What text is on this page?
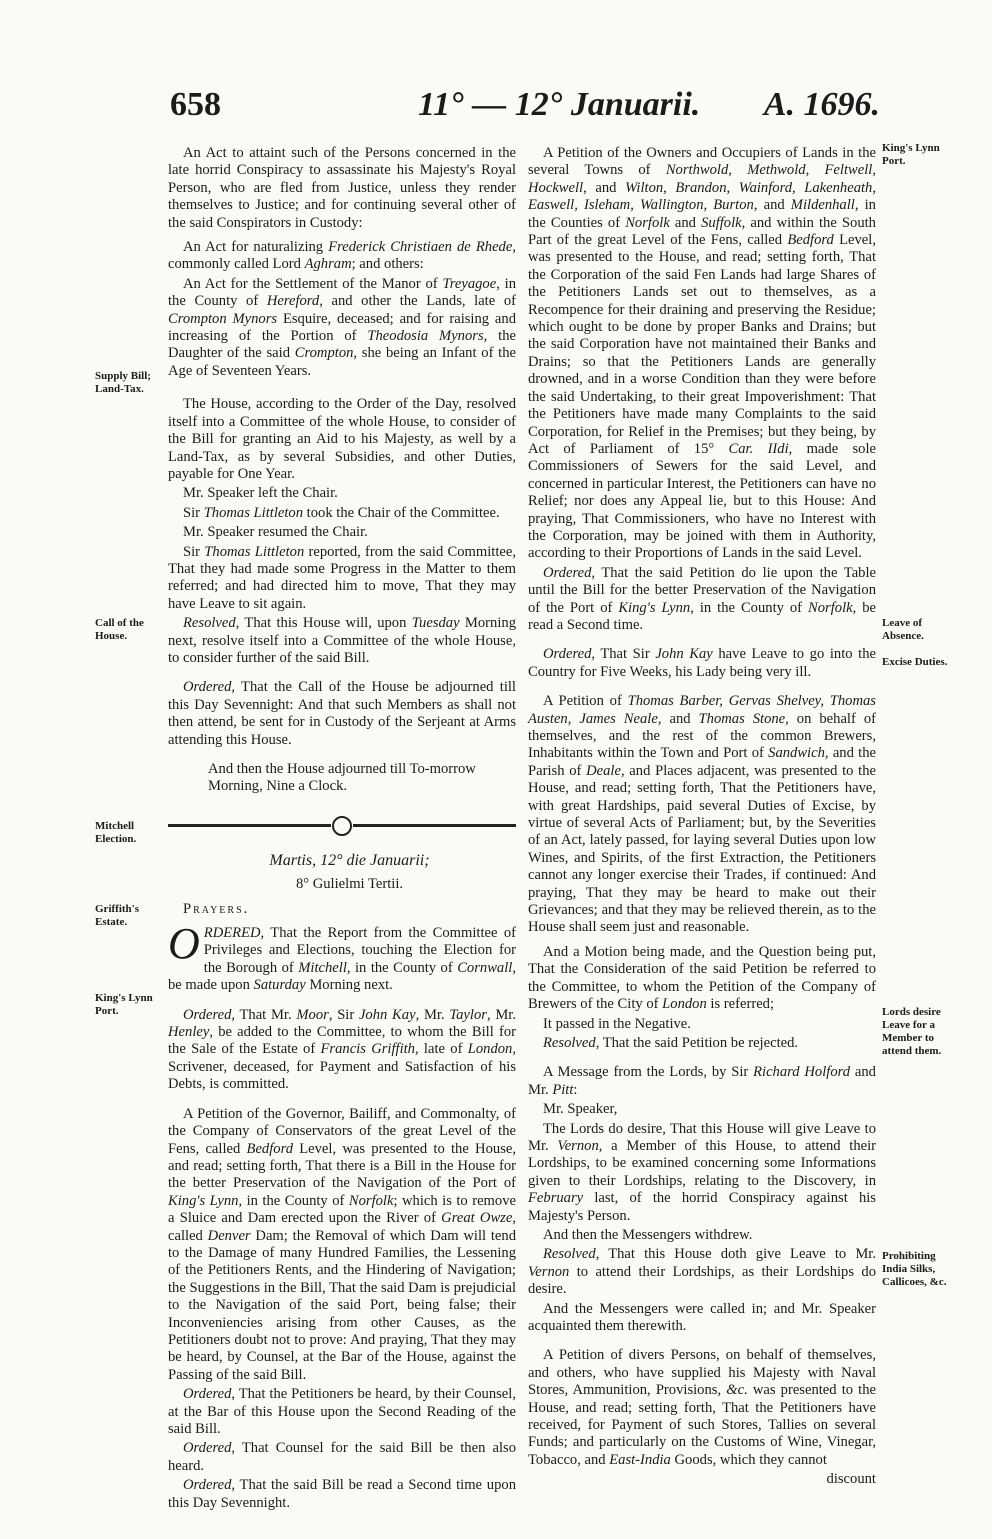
658	11° — 12° Januarii. A. 1696.
Supply Bill; Land-Tax.
Call of the House.
Mitchell Election.
Griffith's Estate.
King's Lynn Port.
King's Lynn Port.
Leave of Absence.
Excise Duties.
Lords desire Leave for a Member to attend them.
Prohibiting India Silks, Callicoes, &c.

An Act to attaint such of the Persons concerned in the late horrid Conspiracy to assassinate his Majesty's Royal Person, who are fled from Justice, unless they render themselves to Justice; and for continuing several other of the said Conspirators in Custody:

An Act for naturalizing Frederick Christiaen de Rhede, commonly called Lord Aghram; and others:

An Act for the Settlement of the Manor of Treyagoe, in the County of Hereford, and other the Lands, late of Crompton Mynors Esquire, deceased; and for raising and increasing of the Portion of Theodosia Mynors, the Daughter of the said Crompton, she being an Infant of the Age of Seventeen Years.

The House, according to the Order of the Day, resolved itself into a Committee of the whole House, to consider of the Bill for granting an Aid to his Majesty, as well by a Land-Tax, as by several Subsidies, and other Duties, payable for One Year.

Mr. Speaker left the Chair.

Sir Thomas Littleton took the Chair of the Committee.

Mr. Speaker resumed the Chair.

Sir Thomas Littleton reported, from the said Committee, That they had made some Progress in the Matter to them referred; and had directed him to move, That they may have Leave to sit again.

Resolved, That this House will, upon Tuesday Morning next, resolve itself into a Committee of the whole House, to consider further of the said Bill.

Ordered, That the Call of the House be adjourned till this Day Sevennight: And that such Members as shall not then attend, be sent for in Custody of the Serjeant at Arms attending this House.

And then the House adjourned till To-morrow Morning, Nine a Clock.

Martis, 12° die Januarii;

8° Gulielmi Tertii.

Prayers.

ORDERED, That the Report from the Committee of Privileges and Elections, touching the Election for the Borough of Mitchell, in the County of Cornwall, be made upon Saturday Morning next.

Ordered, That Mr. Moor, Sir John Kay, Mr. Taylor, Mr. Henley, be added to the Committee, to whom the Bill for the Sale of the Estate of Francis Griffith, late of London, Scrivener, deceased, for Payment and Satisfaction of his Debts, is committed.

A Petition of the Governor, Bailiff, and Commonalty, of the Company of Conservators of the great Level of the Fens, called Bedford Level, was presented to the House, and read; setting forth, That there is a Bill in the House for the better Preservation of the Navigation of the Port of King's Lynn, in the County of Norfolk; which is to remove a Sluice and Dam erected upon the River of Great Owze, called Denver Dam; the Removal of which Dam will tend to the Damage of many Hundred Families, the Lessening of the Petitioners Rents, and the Hindering of Navigation; the Suggestions in the Bill, That the said Dam is prejudicial to the Navigation of the said Port, being false; their Inconveniencies arising from other Causes, as the Petitioners doubt not to prove: And praying, That they may be heard, by Counsel, at the Bar of the House, against the Passing of the said Bill.

Ordered, That the Petitioners be heard, by their Counsel, at the Bar of this House upon the Second Reading of the said Bill.

Ordered, That Counsel for the said Bill be then also heard.

Ordered, That the said Bill be read a Second time upon this Day Sevennight.

A Petition of the Owners and Occupiers of Lands in the several Towns of Northwold, Methwold, Feltwell, Hockwell, and Wilton, Brandon, Wainford, Lakenheath, Easwell, Isleham, Wallington, Burton, and Mildenhall, in the Counties of Norfolk and Suffolk, and within the South Part of the great Level of the Fens, called Bedford Level, was presented to the House, and read; setting forth, That the Corporation of the said Fen Lands had large Shares of the Petitioners Lands set out to themselves, as a Recompence for their draining and preserving the Residue; which ought to be done by proper Banks and Drains; but the said Corporation have not maintained their Banks and Drains; so that the Petitioners Lands are generally drowned, and in a worse Condition than they were before the said Undertaking, to their great Impoverishment: That the Petitioners have made many Complaints to the said Corporation, for Relief in the Premises; but they being, by Act of Parliament of 15° Car. IIdi, made sole Commissioners of Sewers for the said Level, and concerned in particular Interest, the Petitioners can have no Relief; nor does any Appeal lie, but to this House: And praying, That Commissioners, who have no Interest with the Corporation, may be joined with them in Authority, according to their Proportions of Lands in the said Level.

Ordered, That the said Petition do lie upon the Table until the Bill for the better Preservation of the Navigation of the Port of King's Lynn, in the County of Norfolk, be read a Second time.

Ordered, That Sir John Kay have Leave to go into the Country for Five Weeks, his Lady being very ill.

A Petition of Thomas Barber, Gervas Shelvey, Thomas Austen, James Neale, and Thomas Stone, on behalf of themselves, and the rest of the common Brewers, Inhabitants within the Town and Port of Sandwich, and the Parish of Deale, and Places adjacent, was presented to the House, and read; setting forth, That the Petitioners have, with great Hardships, paid several Duties of Excise, by virtue of several Acts of Parliament; but, by the Severities of an Act, lately passed, for laying several Duties upon low Wines, and Spirits, of the first Extraction, the Petitioners cannot any longer exercise their Trades, if continued: And praying, That they may be heard to make out their Grievances; and that they may be relieved therein, as to the House shall seem just and reasonable.

And a Motion being made, and the Question being put, That the Consideration of the said Petition be referred to the Committee, to whom the Petition of the Company of Brewers of the City of London is referred;

It passed in the Negative.

Resolved, That the said Petition be rejected.

A Message from the Lords, by Sir Richard Holford and Mr. Pitt:

Mr. Speaker,

The Lords do desire, That this House will give Leave to Mr. Vernon, a Member of this House, to attend their Lordships, to be examined concerning some Informations given to their Lordships, relating to the Discovery, in February last, of the horrid Conspiracy against his Majesty's Person.

And then the Messengers withdrew.

Resolved, That this House doth give Leave to Mr. Vernon to attend their Lordships, as their Lordships do desire.

And the Messengers were called in; and Mr. Speaker acquainted them therewith.

A Petition of divers Persons, on behalf of themselves, and others, who have supplied his Majesty with Naval Stores, Ammunition, Provisions, &c. was presented to the House, and read; setting forth, That the Petitioners have received, for Payment of such Stores, Tallies on several Funds; and particularly on the Customs of Wine, Vinegar, Tobacco, and East-India Goods, which they cannot

discount
